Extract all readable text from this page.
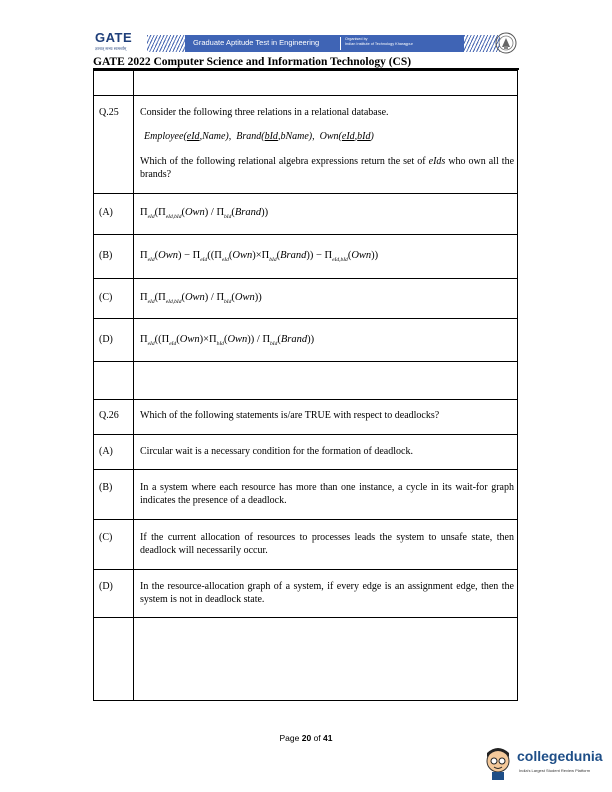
GATE
ज्ञानात् सभ्यः सामर्थ्यम्
Graduate Aptitude Test in Engineering	Organised by
Indian Institute of Technology Kharagpur
GATE 2022 Computer Science and Information Technology (CS)
Q.25 Consider the following three relations in a relational database.
Employee(eId,Name),  Brand(bId,bName),  Own(eId,bId)
Which of the following relational algebra expressions return the set of eIds who own all the brands?
(A)	$\Pi_{eId}(\Pi_{eId,bId}(Own)$ / $\Pi_{bId}(Brand)$)
(B)	$\Pi_{eId}(Own)$ − $\Pi_{eId}((\Pi_{eId}(Own)\times\Pi_{bId}(Brand)) - \Pi_{eId,bId}(Own))$
(C)	$\Pi_{eId}(\Pi_{eId,bId}(Own) / \Pi_{bId}(Own))$
(D)	$\Pi_{eId}((\Pi_{eId}(Own)\times\Pi_{bId}(Own))$ / $\Pi_{bId}(Brand)$)
Q.26 Which of the following statements is/are TRUE with respect to deadlocks?
(A)	Circular wait is a necessary condition for the formation of deadlock.
(B)	In a system where each resource has more than one instance, a cycle in its wait-for graph indicates the presence of a deadlock.
(C)	If the current allocation of resources to processes leads the system to unsafe state, then deadlock will necessarily occur.
(D)	In the resource-allocation graph of a system, if every edge is an assignment edge, then the system is not in deadlock state.
Page 20 of 41
collegedunia
India's Largest Student Review Platform
